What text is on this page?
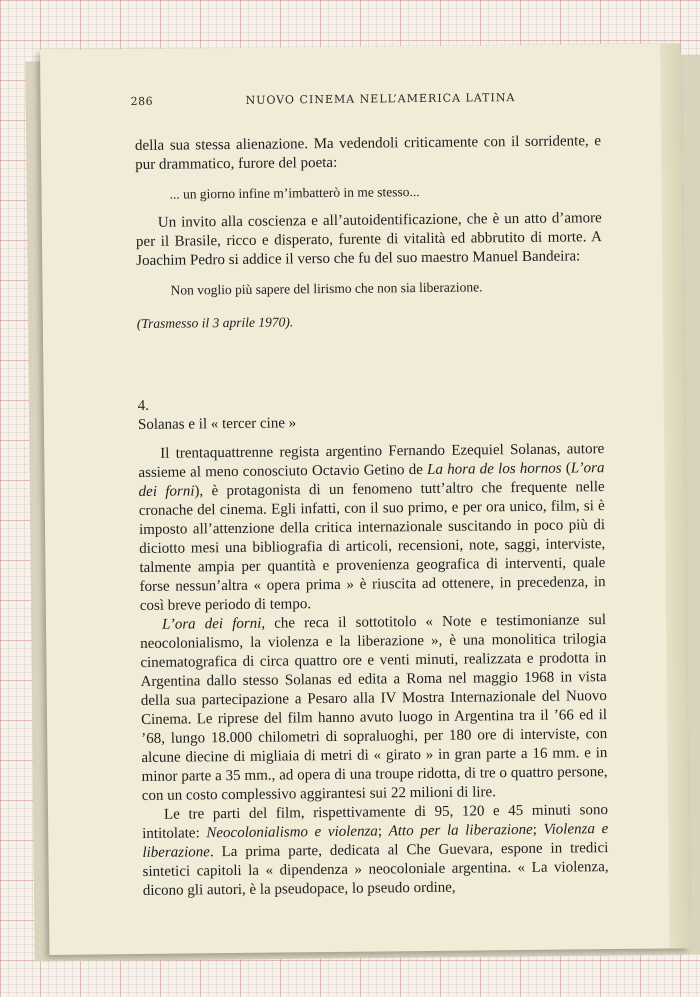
286	NUOVO CINEMA NELL’AMERICA LATINA

della sua stessa alienazione. Ma vedendoli criticamente con il sorridente, e pur drammatico, furore del poeta:

... un giorno infine m’imbatterò in me stesso...

Un invito alla coscienza e all’autoidentificazione, che è un atto d’amore per il Brasile, ricco e disperato, furente di vitalità ed abbrutito di morte. A Joachim Pedro si addice il verso che fu del suo maestro Manuel Bandeira:

Non voglio più sapere del lirismo che non sia liberazione.

(Trasmesso il 3 aprile 1970).

4.

Solanas e il « tercer cine »

Il trentaquattrenne regista argentino Fernando Ezequiel Solanas, autore assieme al meno conosciuto Octavio Getino de La hora de los hornos (L’ora dei forni), è protagonista di un fenomeno tutt’altro che frequente nelle cronache del cinema. Egli infatti, con il suo primo, e per ora unico, film, si è imposto all’attenzione della critica internazionale suscitando in poco più di diciotto mesi una bibliografia di articoli, recensioni, note, saggi, interviste, talmente ampia per quantità e provenienza geografica di interventi, quale forse nessun’altra « opera prima » è riuscita ad ottenere, in precedenza, in così breve periodo di tempo.

L’ora dei forni, che reca il sottotitolo « Note e testimonianze sul neocolonialismo, la violenza e la liberazione », è una monolitica trilogia cinematografica di circa quattro ore e venti minuti, realizzata e prodotta in Argentina dallo stesso Solanas ed edita a Roma nel maggio 1968 in vista della sua partecipazione a Pesaro alla IV Mostra Internazionale del Nuovo Cinema. Le riprese del film hanno avuto luogo in Argentina tra il ’66 ed il ’68, lungo 18.000 chilometri di sopraluoghi, per 180 ore di interviste, con alcune diecine di migliaia di metri di « girato » in gran parte a 16 mm. e in minor parte a 35 mm., ad opera di una troupe ridotta, di tre o quattro persone, con un costo complessivo aggirantesi sui 22 milioni di lire.

Le tre parti del film, rispettivamente di 95, 120 e 45 minuti sono intitolate: Neocolonialismo e violenza; Atto per la liberazione; Violenza e liberazione. La prima parte, dedicata al Che Guevara, espone in tredici sintetici capitoli la « dipendenza » neocoloniale argentina. « La violenza, dicono gli autori, è la pseudopace, lo pseudo ordine,
